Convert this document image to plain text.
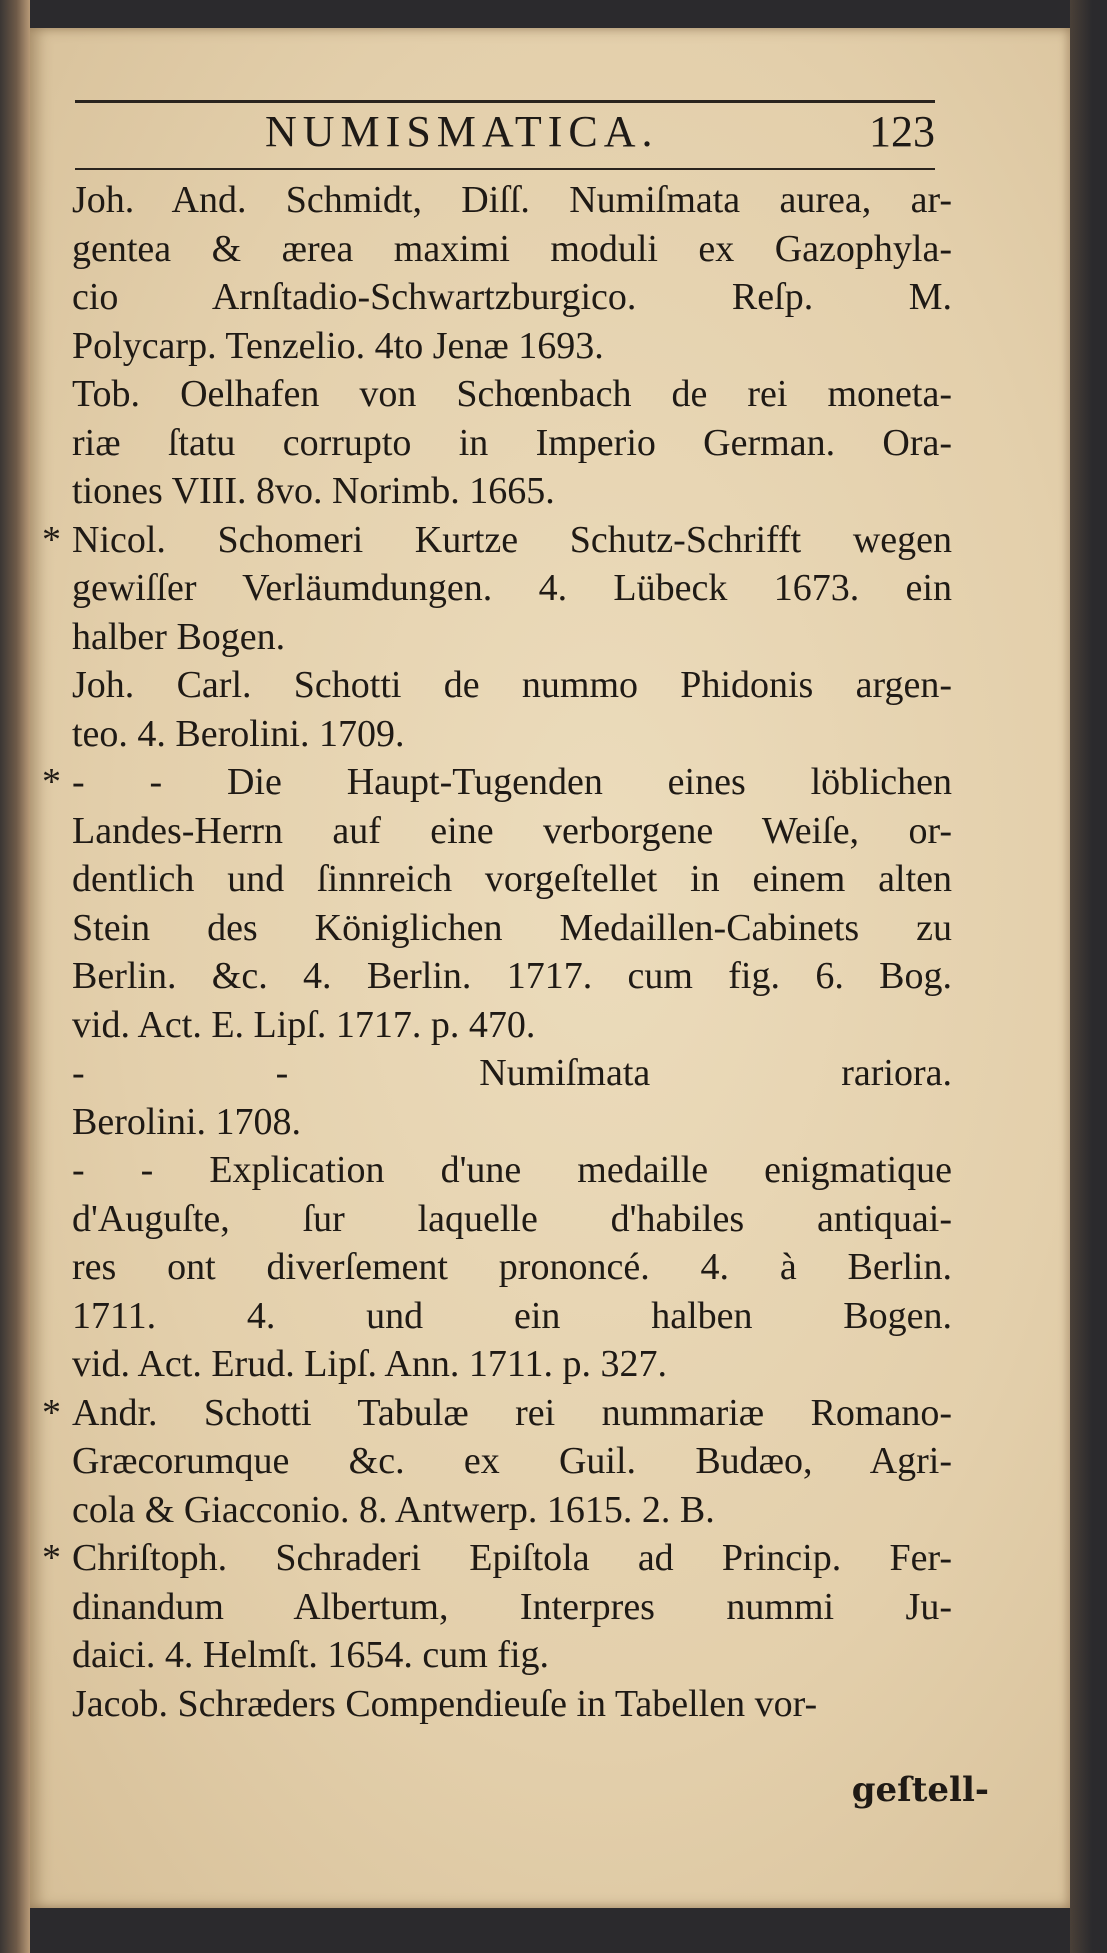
NUMISMATICA.	123
Joh. And. Schmidt, Diſſ. Numiſmata aurea, ar-
gentea & ærea maximi moduli ex Gazophyla-
cio Arnſtadio-Schwartzburgico. Reſp. M.
Polycarp. Tenzelio. 4to Jenæ 1693.
Tob. Oelhafen von Schœnbach de rei moneta-
riæ ſtatu corrupto in Imperio German. Ora-
tiones VIII. 8vo. Norimb. 1665.
* Nicol. Schomeri Kurtze Schutz-Schrifft wegen
gewiſſer Verläumdungen. 4. Lübeck 1673. ein
halber Bogen.
Joh. Carl. Schotti de nummo Phidonis argen-
teo. 4. Berolini. 1709.
* - - Die Haupt-Tugenden eines löblichen
Landes-Herrn auf eine verborgene Weiſe, or-
dentlich und ſinnreich vorgeſtellet in einem alten
Stein des Königlichen Medaillen-Cabinets zu
Berlin. &c. 4. Berlin. 1717. cum fig. 6. Bog.
vid. Act. E. Lipſ. 1717. p. 470.
- - Numiſmata rariora.
Berolini. 1708.
- - Explication d'une medaille enigmatique
d'Auguſte, ſur laquelle d'habiles antiquai-
res ont diverſement prononcé. 4. à Berlin.
1711. 4. und ein halben Bogen.
vid. Act. Erud. Lipſ. Ann. 1711. p. 327.
* Andr. Schotti Tabulæ rei nummariæ Romano-
Græcorumque &c. ex Guil. Budæo, Agri-
cola & Giacconio. 8. Antwerp. 1615. 2. B.
* Chriſtoph. Schraderi Epiſtola ad Princip. Fer-
dinandum Albertum, Interpres nummi Ju-
daici. 4. Helmſt. 1654. cum fig.
Jacob. Schræders Compendieuſe in Tabellen vor-
geſtell-
